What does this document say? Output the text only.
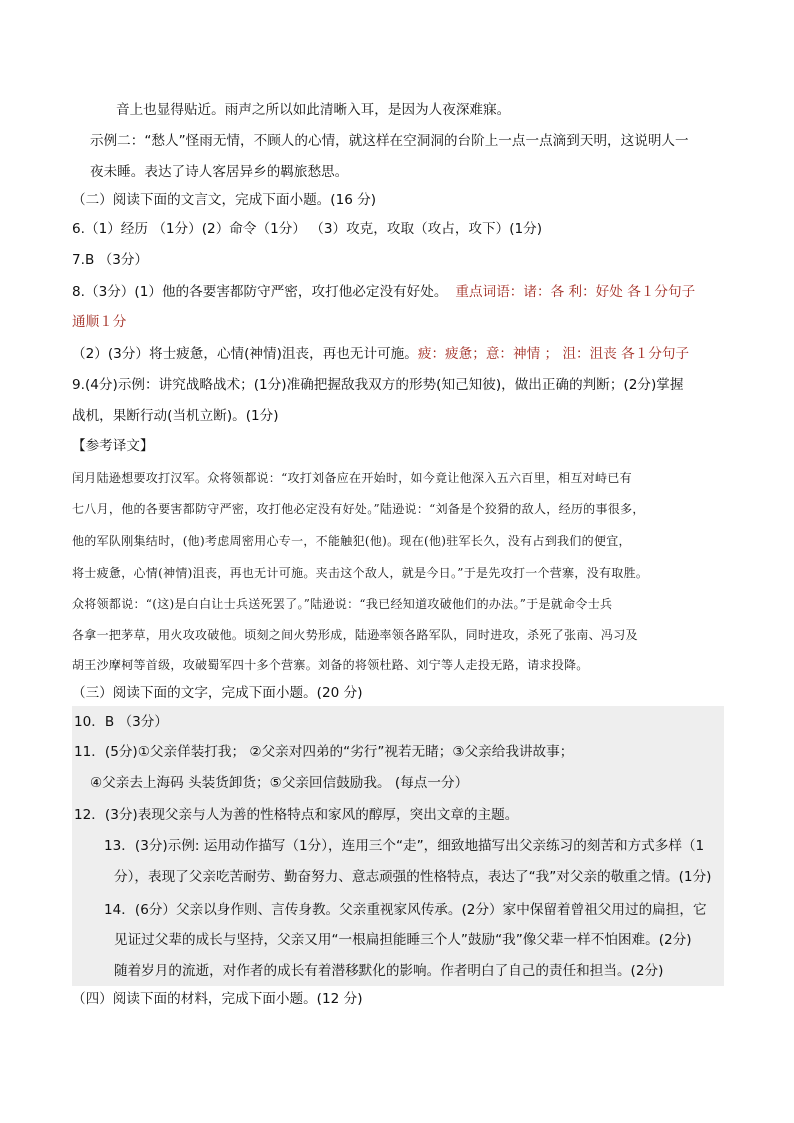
音上也显得贴近。雨声之所以如此清晰入耳，是因为人夜深难寐。
示例二：“愁人”怪雨无情，不顾人的心情，就这样在空洞洞的台阶上一点一点滴到天明，这说明人一
夜未睡。表达了诗人客居异乡的羁旅愁思。
（二）阅读下面的文言文，完成下面小题。(16 分)
6.（1）经历 （1分）(2）命令（1分） （3）攻克，攻取（攻占，攻下）(1分)
7.B （3分）
8.（3分）(1）他的各要害都防守严密，攻打他必定没有好处。 重点词语：诸：各 利：好处 各１分句子
通顺１分
（2）(3分）将士疲惫，心情(神情)沮丧，再也无计可施。疲：疲惫；意：神情 ； 沮：沮丧 各１分句子
9.(4分)示例：讲究战略战术；(1分)准确把握敌我双方的形势(知己知彼)，做出正确的判断；(2分)掌握
战机，果断行动(当机立断)。(1分)
【参考译文】
闰月陆逊想要攻打汉军。众将领都说：“攻打刘备应在开始时，如今竟让他深入五六百里，相互对峙已有
七八月，他的各要害都防守严密，攻打他必定没有好处。”陆逊说：“刘备是个狡猾的敌人，经历的事很多，
他的军队刚集结时，(他)考虑周密用心专一，不能触犯(他)。现在(他)驻军长久，没有占到我们的便宜，
将士疲惫，心情(神情)沮丧，再也无计可施。夹击这个敌人，就是今日。”于是先攻打一个营寨，没有取胜。
众将领都说：“(这)是白白让士兵送死罢了。”陆逊说：“我已经知道攻破他们的办法。”于是就命令士兵
各拿一把茅草，用火攻攻破他。顷刻之间火势形成，陆逊率领各路军队，同时进攻，杀死了张南、冯习及
胡王沙摩柯等首级，攻破蜀军四十多个营寨。刘备的将领杜路、刘宁等人走投无路，请求投降。
（三）阅读下面的文字，完成下面小题。(20 分)
10．B （3分）
11．(5分)①父亲佯装打我； ②父亲对四弟的“劣行”视若无睹；③父亲给我讲故事；
④父亲去上海码 头装货卸货；⑤父亲回信鼓励我。 (每点一分）
12．(3分)表现父亲与人为善的性格特点和家风的醇厚，突出文章的主题。
13．(3分)示例: 运用动作描写（1分），连用三个“走”，细致地描写出父亲练习的刻苦和方式多样（1
分），表现了父亲吃苦耐劳、勤奋努力、意志顽强的性格特点，表达了“我”对父亲的敬重之情。(1分)
14．(6分）父亲以身作则、言传身教。父亲重视家风传承。(2分）家中保留着曾祖父用过的扁担，它
见证过父辈的成长与坚持，父亲又用“一根扁担能睡三个人”鼓励“我”像父辈一样不怕困难。(2分)
随着岁月的流逝，对作者的成长有着潜移默化的影响。作者明白了自己的责任和担当。(2分)
（四）阅读下面的材料，完成下面小题。(12 分)
